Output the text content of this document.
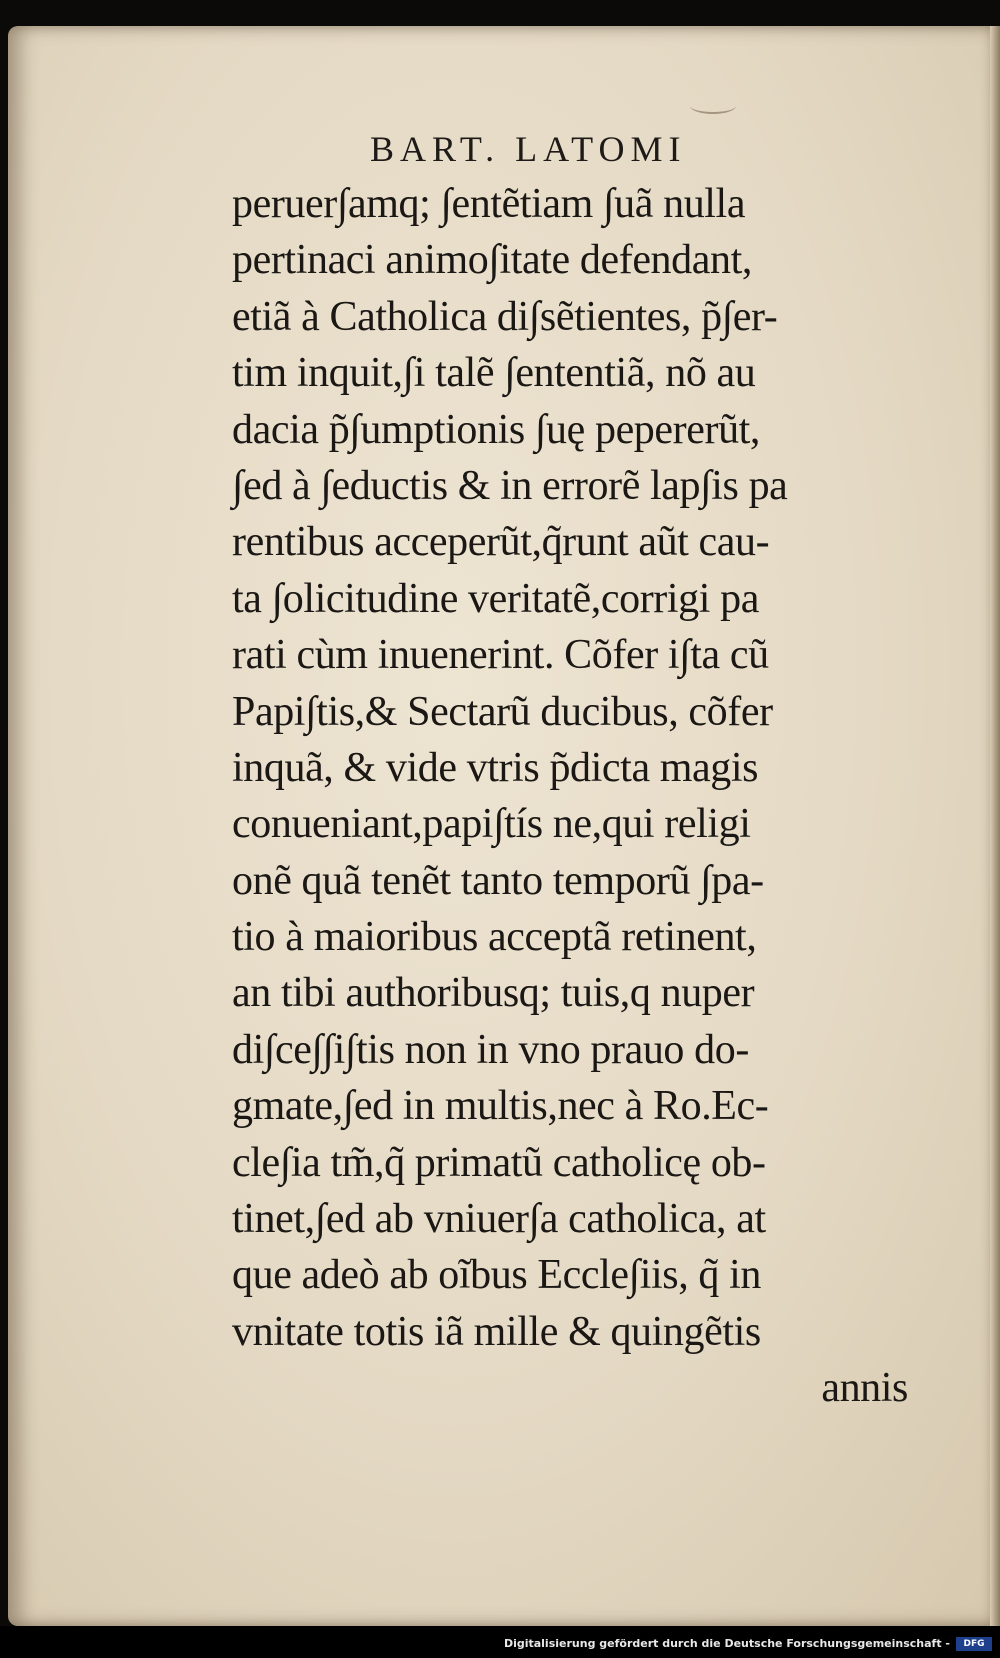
BART. LATOMI
peruer∫amq; ∫entẽtiam ∫uã nulla
pertinaci animo∫itate defendant,
etiã à Catholica di∫sẽtientes, p̃∫er-
tim inquit,∫i talẽ ∫ententiã, nõ au
dacia p̃∫umptionis ∫uę pepererũt,
∫ed à ∫eductis & in errorẽ lap∫is pa
rentibus acceperũt,q̃runt aũt cau-
ta ∫olicitudine veritatẽ,corrigi pa
rati cùm inuenerint. Cõfer i∫ta cũ
Papi∫tis,& Sectarũ ducibus, cõfer
inquã, & vide vtris p̃dicta magis
conueniant,papi∫tís ne,qui religi
onẽ quã tenẽt tanto temporũ ∫pa-
tio à maioribus acceptã retinent,
an tibi authoribusq; tuis,q nuper
di∫ce∫∫i∫tis non in vno prauo do-
gmate,∫ed in multis,nec à Ro.Ec-
cle∫ia tm̃,q̃ primatũ catholicę ob-
tinet,∫ed ab vniuer∫a catholica, at
que adeò ab oĩbus Eccle∫iis, q̃ in
vnitate totis iã mille & quingẽtis
annis
Digitalisierung gefördert durch die Deutsche Forschungsgemeinschaft -	DFG
